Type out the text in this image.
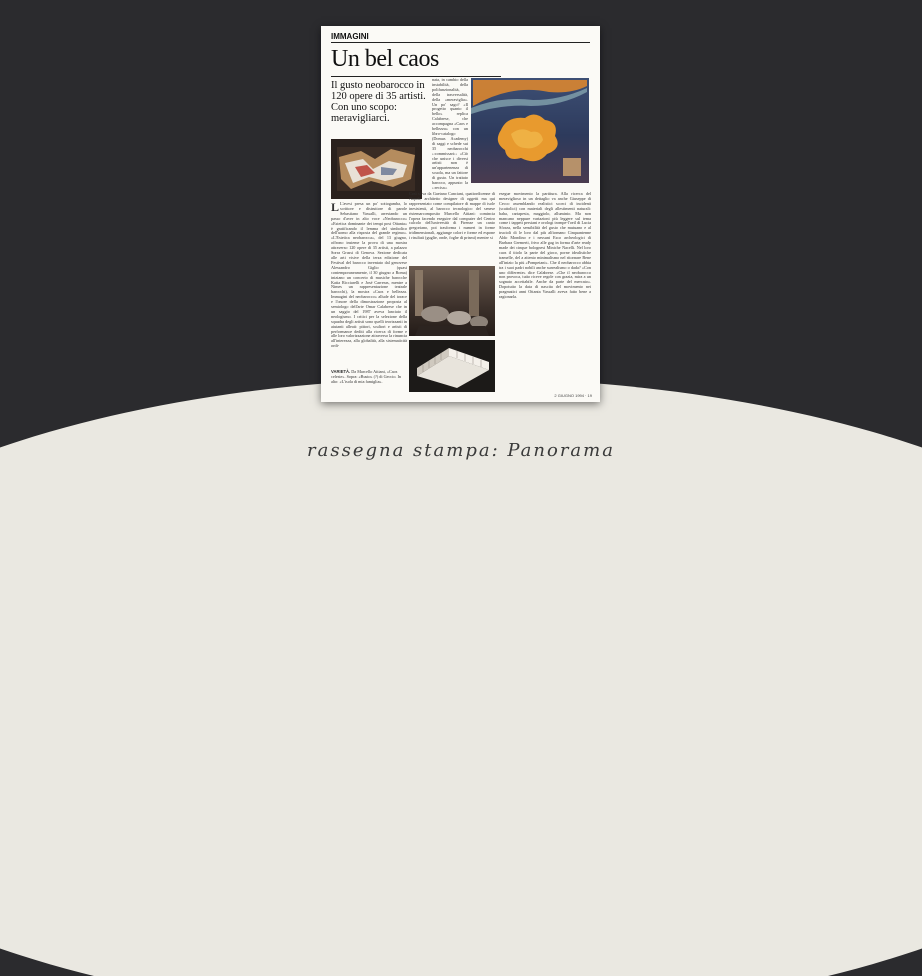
rassegna stampa: Panorama
IMMAGINI
Un bel caos
Il gusto neobarocco in 120 opere di 35 artisti. Con uno scopo: meravigliarci.

L L'avesi presa un po' sottogamba, lo scrittore e distruttore di parole Sebastiano Vassalli, arrestando un passo d'aver in alto voce «Neobarocco» «Estetica dominante dei tempi post Ottanta» è gratificando il lemma del simbolico dell'uomo alla risposta del grande regimo». «L'Estetica neobarocca», del 13 giugno, offrono insieme la prova di una mostra attraverso 120 opere di 35 artisti, a palazzo Sorra Grassi di Genova. Sezione dedicata alle arti visive della terza edizione del Festival del barocco inventato dal genovese Alessandro Giglio (quasi contemporaneamente, il 30 giugno a Roma) iniziano un concerto di musiche barocche Katia Ricciarelli e José Carreras, mentre a Nimes un rappresentazione teatrale barocchi), la mostra «Caos e bellezza. Immagini del neobarocco» allude del torace e l'onore della dimostrazione proposta al semiologo dell'arte Omar Calabrese che in un saggio del 1987 aveva lanciato il neologismo. I critici per la selezione della squadra degli artisti sono quelli teorizzanti in aiutanti alleati: pittori, scultori e artisti di performance dediti alla ricerca di forme e alle loro valorizzazione attraverso la rinuncia all'interezza, alla globalità, alla sistematicità ordi-

nata, in cambio della instabilità, della polifunzionalità, della trasversalità, della «meraviglia». Un po' sago? «Il progetto quanto il bello» replica Calabrese, che accompagna «Caos e bellezza» con un libro-catalogo (Domus Academy) di saggi e schede sui 35 neobarocchi ‹‹commissari›› «Ciò che unisce i diversi artisti non è un'appartenenza di scuola, ma un fattore di gusto. Un trattato barocco, appunto: la ‹‹recisa››

Così si va da Gaetano Canciani, quattordicenne di Napoli, architetto designer di oggetti ma qui rappresentato come compilatore di mappe di isole inesistenti, al barocco tecnologico del senese ristemarcomposito Marcello Aitiani: comincia l'opera facendo eseguire dal computer del Centro calcolo dell'università di Firenze un canto gregoriano, poi trasforma i numeri in forme tridimensionali, aggiunge colori e forme ed espone i risultati (guglie, onde, foghe di prismi) mentre si

esegue movimento la partitura. Alla ricerca del meraviglioso in un dettaglio va anche Giuseppe di Cecco assemblando realistici scorci di incidenti (scattolici) con materiali degli allestimenti naturali: baha, cartapesta, maggiolo, alluminio. Ma non mancano neppure variazioni più leggere sul tema come i tappeti persiani e orologi trompe-l'oeil di Lucia Sforza, nella sensibilità del gusto che mutuano e al trucioli di le loro dal più alfiornano Cinquantenne Aldo Mondino e i nessuni Esco archeologici di Barbara Gremerti, frivo alle gag in forma d'arte ready made dei cinque bolognesi Miniche Nacelli. Nel loro caos il titolo la parte del gioco, porne idealistiche tramelle, del a attento minimalismo nel ritornare Bene all'inizio la più «Pompeiani». Che il neobarocco abbia tra i suoi padri nobili anche surrealismo o dada? «Con uno differente» dice Calabrese. «Che il neobarocco non provoca, tutto riceve regole con grazia, mira a un sognato accettabile. Anche da parte del mercato». Dopotutto la data di nascita del movimento nei pragmatici anni Ottanta Vassalli aveva fatto bene a ragionarla.

VARIETÀ. Da Marcello Aitiani, «Caos celeste». Sopra: «Busto» (?) di Geccio. In alto: «L'isola di mia famiglia».
2 GIUGNO 1994 · 19
